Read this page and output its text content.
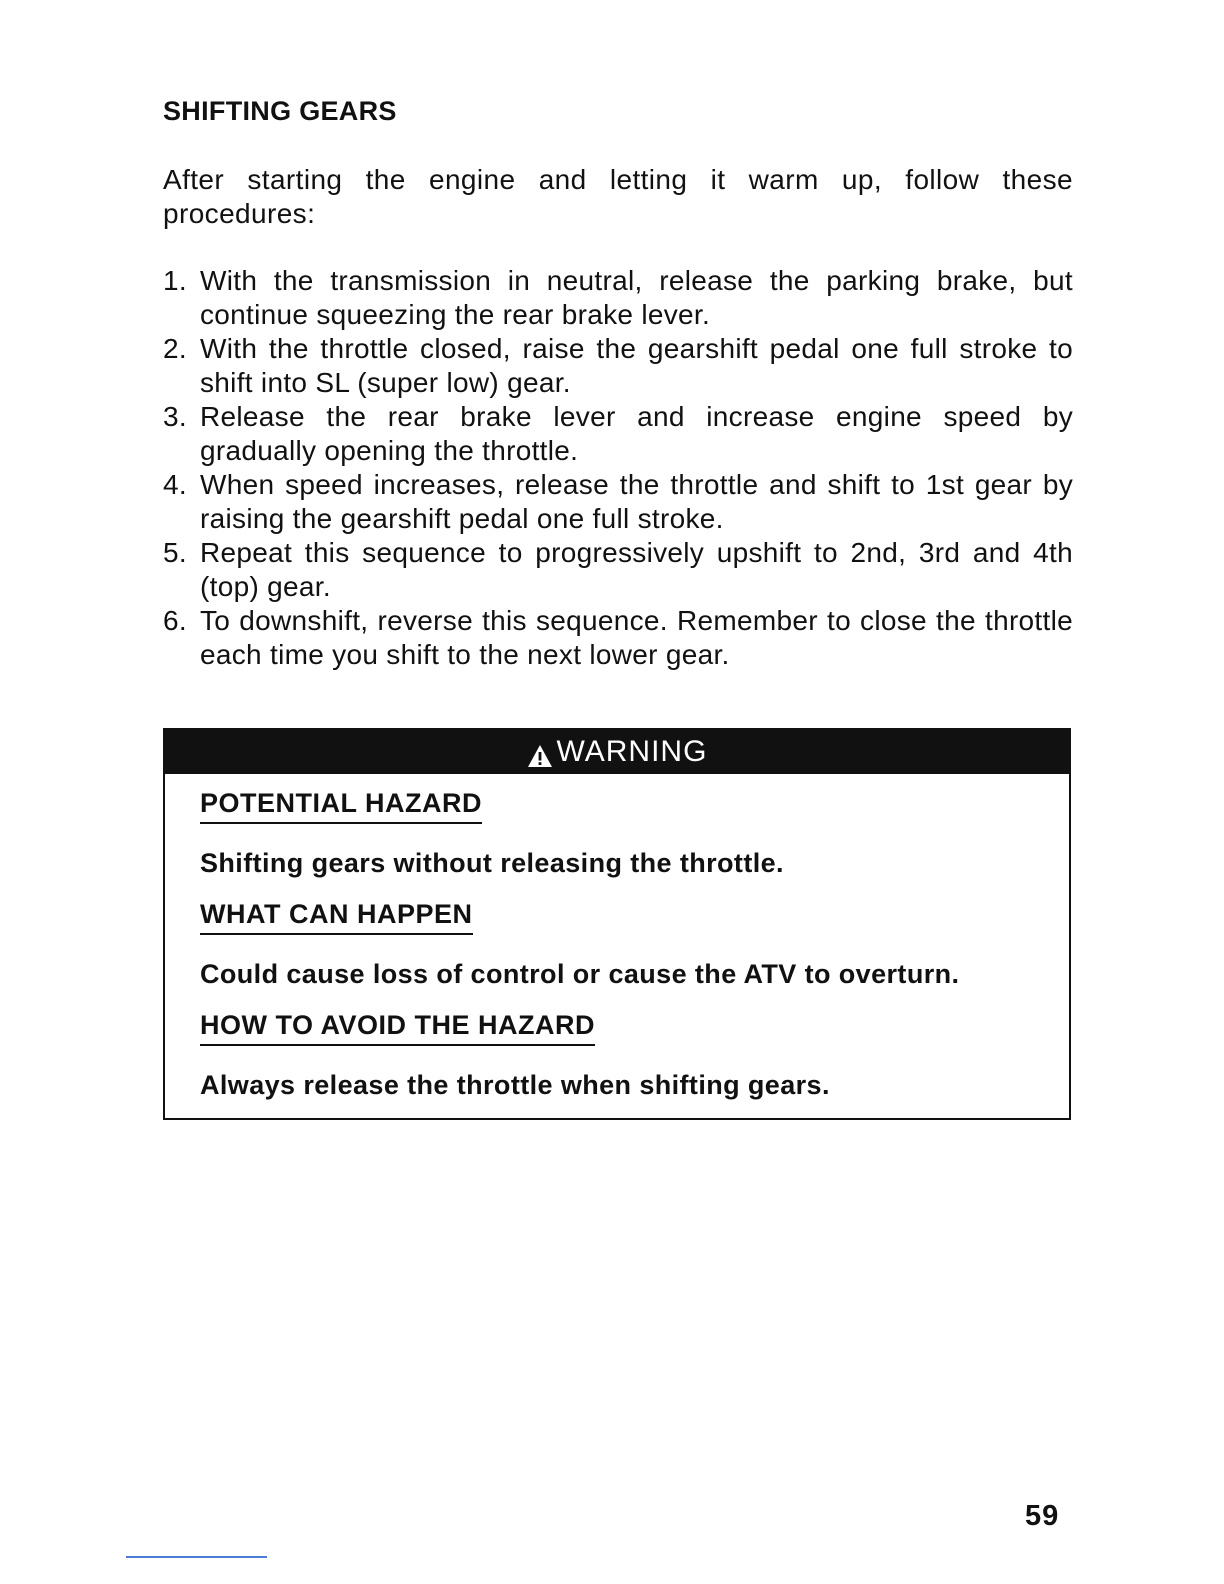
SHIFTING GEARS
After starting the engine and letting it warm up, follow these procedures:
1. With the transmission in neutral, release the parking brake, but continue squeezing the rear brake lever.
2. With the throttle closed, raise the gearshift pedal one full stroke to shift into SL (super low) gear.
3. Release the rear brake lever and increase engine speed by gradually opening the throttle.
4. When speed increases, release the throttle and shift to 1st gear by raising the gearshift pedal one full stroke.
5. Repeat this sequence to progressively upshift to 2nd, 3rd and 4th (top) gear.
6. To downshift, reverse this sequence. Remember to close the throttle each time you shift to the next lower gear.
WARNING
POTENTIAL HAZARD
Shifting gears without releasing the throttle.
WHAT CAN HAPPEN
Could cause loss of control or cause the ATV to overturn.
HOW TO AVOID THE HAZARD
Always release the throttle when shifting gears.
59
